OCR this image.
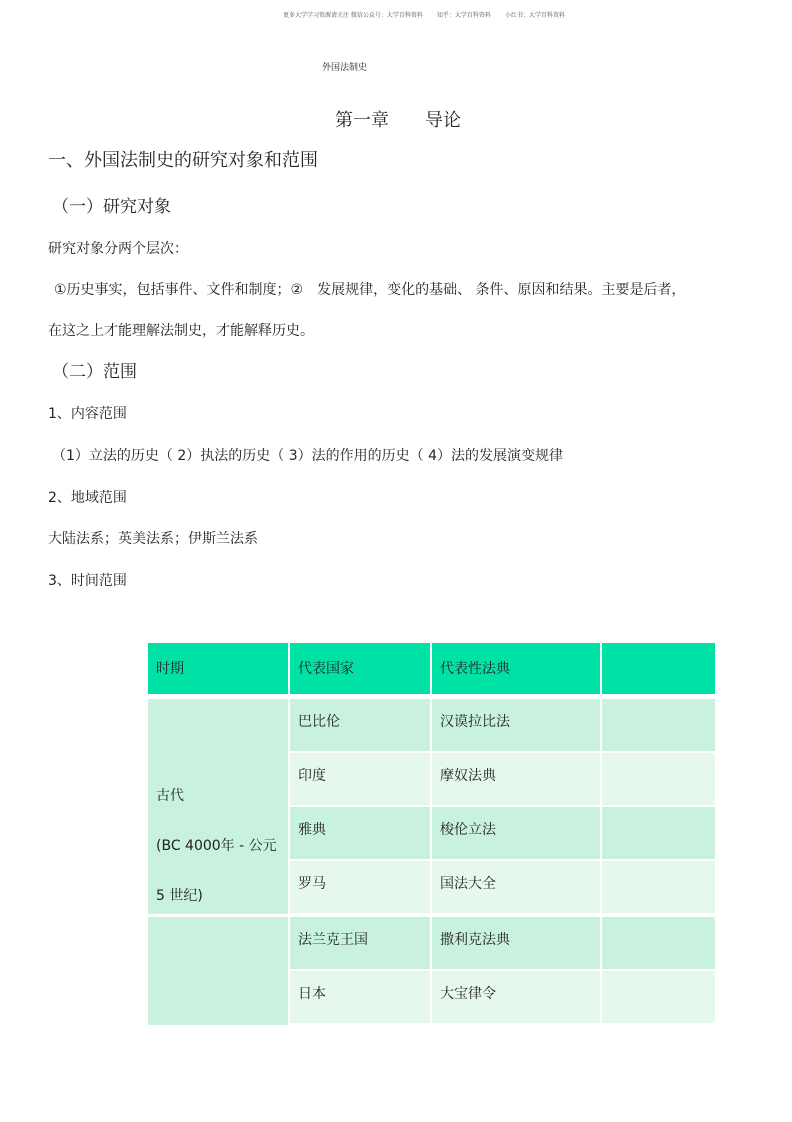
更多大学学习资源请关注 微信公众号：大学百科资料 知乎：大学百科资料 小红书：大学百科资料
外国法制史
第一章　　导论
一、外国法制史的研究对象和范围
（一）研究对象
研究对象分两个层次：
①历史事实，包括事件、文件和制度；②　发展规律，变化的基础、 条件、原因和结果。主要是后者，
在这之上才能理解法制史，才能解释历史。
（二）范围
1、内容范围
（1）立法的历史（ 2）执法的历史（ 3）法的作用的历史（ 4）法的发展演变规律
2、地域范围
大陆法系；英美法系；伊斯兰法系
3、时间范围
时期	代表国家	代表性法典
古代
(BC 4000年 - 公元
5 世纪)
巴比伦	汉谟拉比法
印度	摩奴法典
雅典	梭伦立法
罗马	国法大全
法兰克王国	撒利克法典
日本	大宝律令
